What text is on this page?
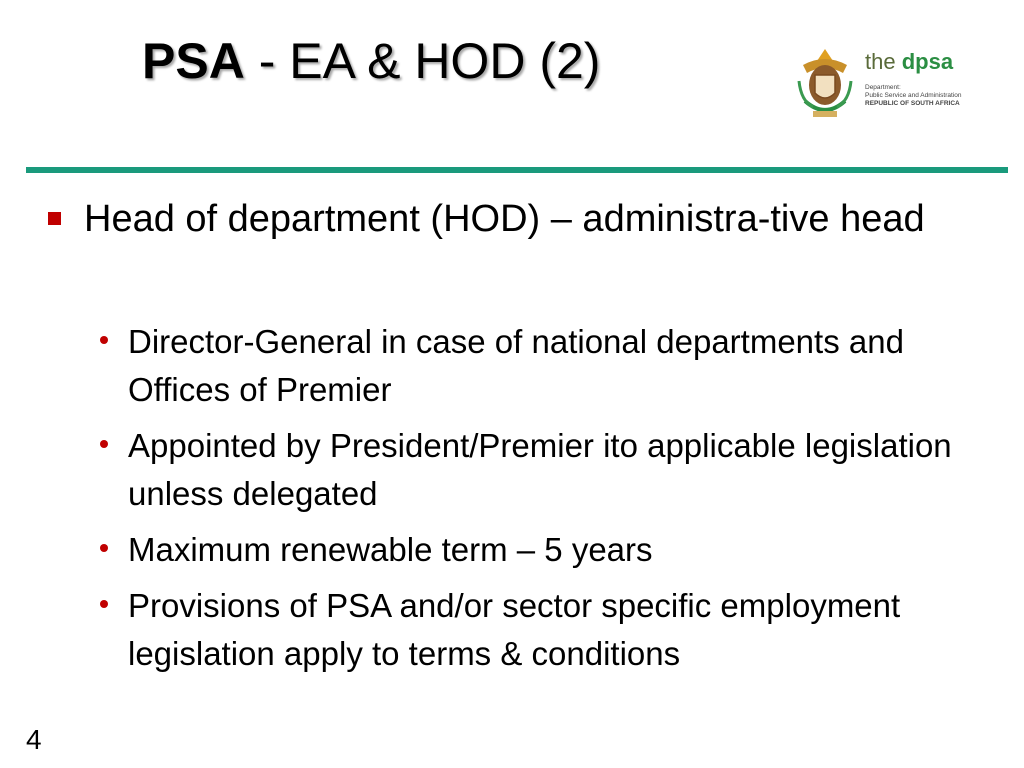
PSA - EA & HOD (2)	the dpsa
Department:
Public Service and Administration
REPUBLIC OF SOUTH AFRICA
Head of department (HOD) – administra-tive head
Director-General in case of national departments and Offices of Premier
Appointed by President/Premier ito applicable legislation unless delegated
Maximum renewable term – 5 years
Provisions of PSA and/or sector specific employment legislation apply to terms & conditions
4
